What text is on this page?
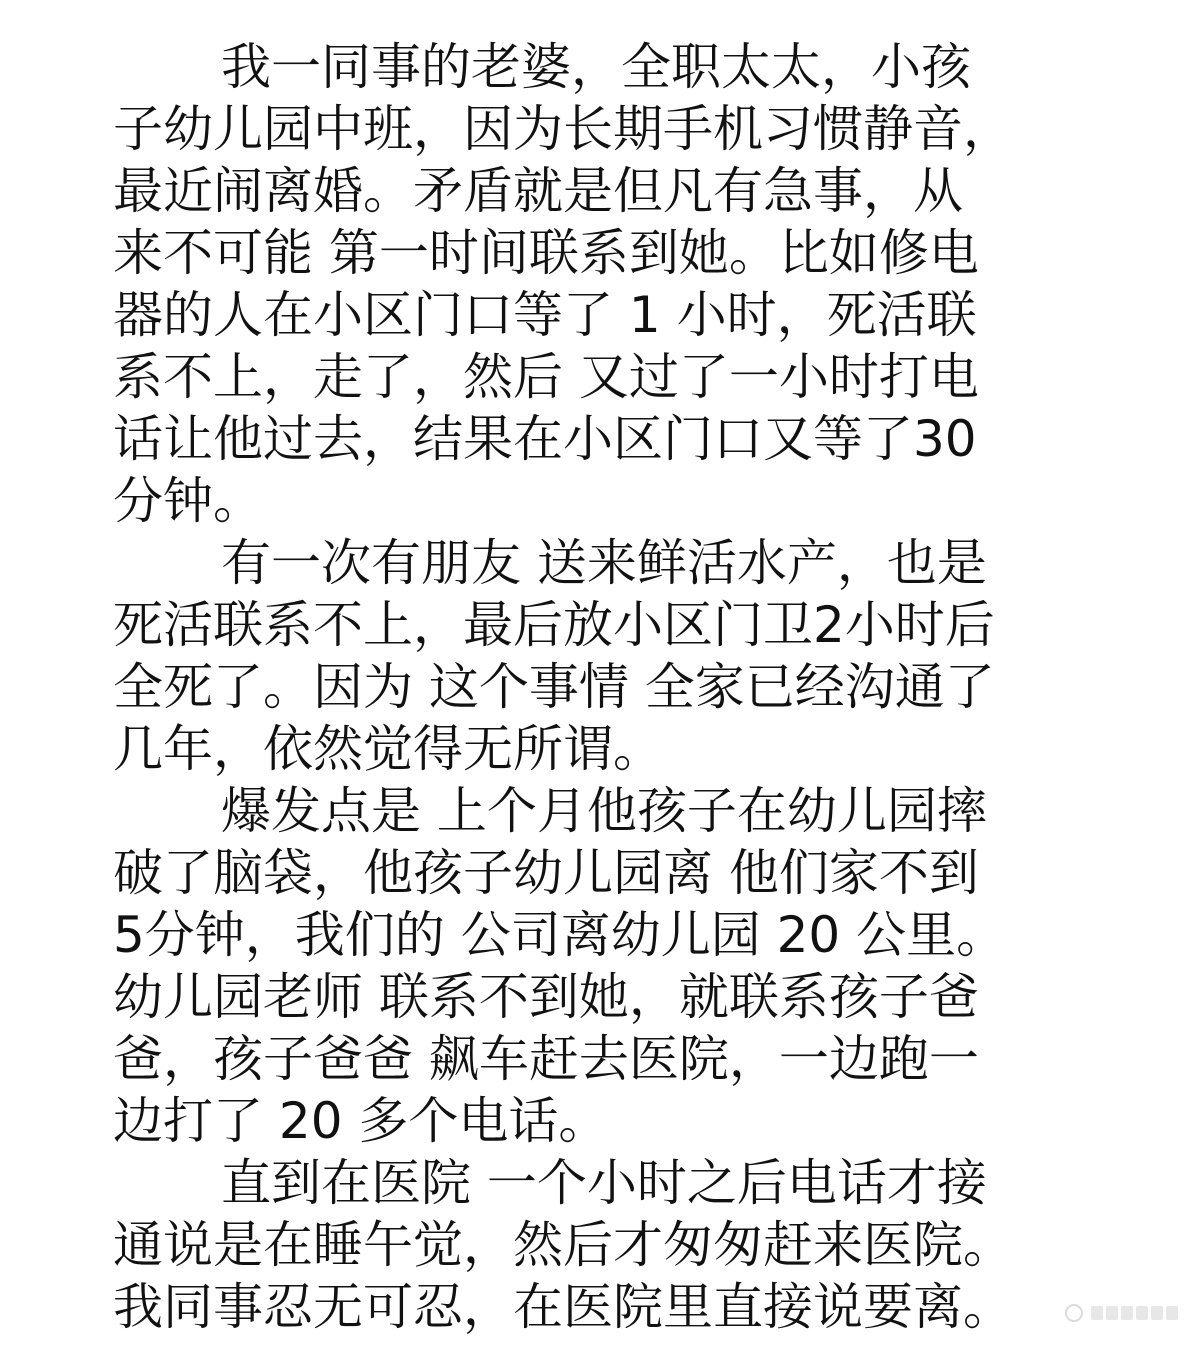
我一同事的老婆，全职太太，小孩
子幼儿园中班，因为长期手机习惯静音，
最近闹离婚。矛盾就是但凡有急事，从
来不可能 第一时间联系到她。比如修电
器的人在小区门口等了 1 小时，死活联
系不上，走了，然后 又过了一小时打电
话让他过去，结果在小区门口又等了30
分钟。
有一次有朋友 送来鲜活水产，也是
死活联系不上，最后放小区门卫2小时后
全死了。因为 这个事情 全家已经沟通了
几年，依然觉得无所谓。
爆发点是 上个月他孩子在幼儿园摔
破了脑袋，他孩子幼儿园离 他们家不到
5分钟，我们的 公司离幼儿园 20 公里。
幼儿园老师 联系不到她，就联系孩子爸
爸，孩子爸爸 飙车赶去医院，一边跑一
边打了 20 多个电话。
直到在医院 一个小时之后电话才接
通说是在睡午觉，然后才匆匆赶来医院。
我同事忍无可忍，在医院里直接说要离。
